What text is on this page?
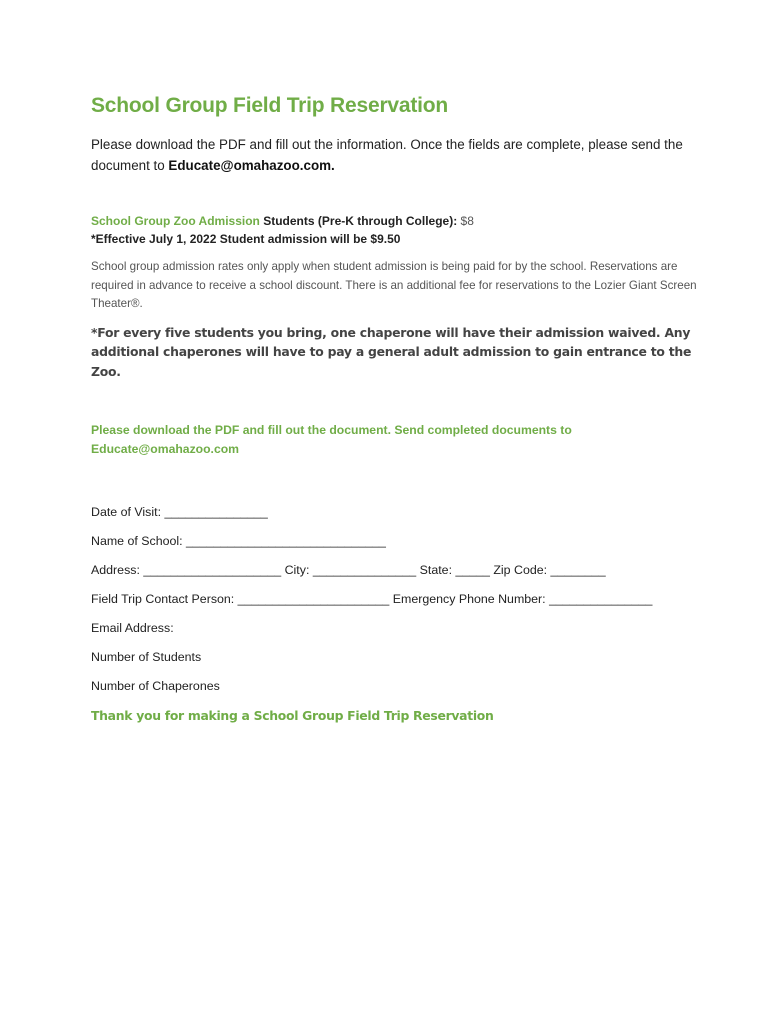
School Group Field Trip Reservation

Please download the PDF and fill out the information. Once the fields are complete, please send the document to Educate@omahazoo.com.

School Group Zoo Admission Students (Pre-K through College): $8
*Effective July 1, 2022 Student admission will be $9.50
School group admission rates only apply when student admission is being paid for by the school. Reservations are required in advance to receive a school discount. There is an additional fee for reservations to the Lozier Giant Screen Theater®.
*For every five students you bring, one chaperone will have their admission waived. Any additional chaperones will have to pay a general adult admission to gain entrance to the Zoo.
Please download the PDF and fill out the document. Send completed documents to
Educate@omahazoo.com
Date of Visit: _______________
Name of School: _____________________________
Address: ____________________ City: _______________ State: _____ Zip Code: ________
Field Trip Contact Person: ______________________ Emergency Phone Number: _______________
Email Address:
Number of Students
Number of Chaperones
Thank you for making a School Group Field Trip Reservation
